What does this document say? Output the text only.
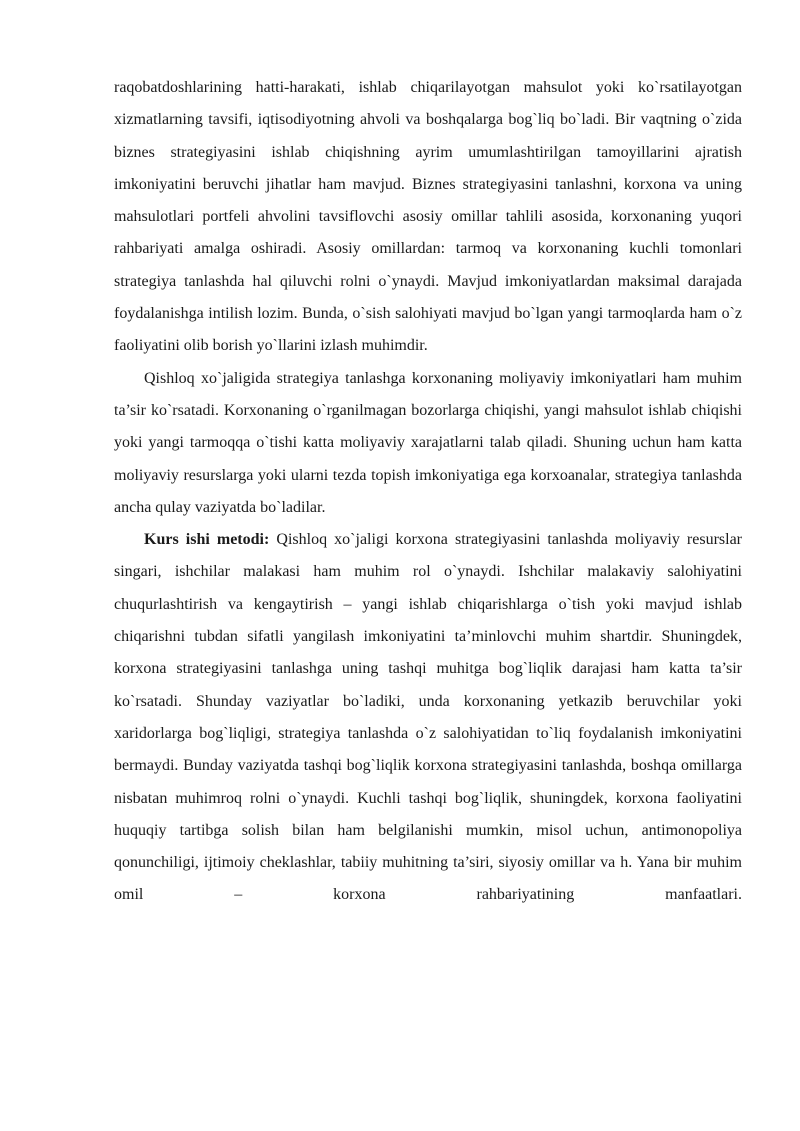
raqobatdoshlarining hatti-harakati, ishlab chiqarilayotgan mahsulot yoki ko`rsatilayotgan xizmatlarning tavsifi, iqtisodiyotning ahvoli va boshqalarga bog`liq bo`ladi. Bir vaqtning o`zida biznes strategiyasini ishlab chiqishning ayrim umumlashtirilgan tamoyillarini ajratish imkoniyatini beruvchi jihatlar ham mavjud. Biznes strategiyasini tanlashni, korxona va uning mahsulotlari portfeli ahvolini tavsiflovchi asosiy omillar tahlili asosida, korxonaning yuqori rahbariyati amalga oshiradi. Asosiy omillardan: tarmoq va korxonaning kuchli tomonlari strategiya tanlashda hal qiluvchi rolni o`ynaydi. Mavjud imkoniyatlardan maksimal darajada foydalanishga intilish lozim. Bunda, o`sish salohiyati mavjud bo`lgan yangi tarmoqlarda ham o`z faoliyatini olib borish yo`llarini izlash muhimdir.

Qishloq xo`jaligida strategiya tanlashga korxonaning moliyaviy imkoniyatlari ham muhim ta’sir ko`rsatadi. Korxonaning o`rganilmagan bozorlarga chiqishi, yangi mahsulot ishlab chiqishi yoki yangi tarmoqqa o`tishi katta moliyaviy xarajatlarni talab qiladi. Shuning uchun ham katta moliyaviy resurslarga yoki ularni tezda topish imkoniyatiga ega korxoanalar, strategiya tanlashda ancha qulay vaziyatda bo`ladilar.

Kurs ishi metodi: Qishloq xo`jaligi korxona strategiyasini tanlashda moliyaviy resurslar singari, ishchilar malakasi ham muhim rol o`ynaydi. Ishchilar malakaviy salohiyatini chuqurlashtirish va kengaytirish – yangi ishlab chiqarishlarga o`tish yoki mavjud ishlab chiqarishni tubdan sifatli yangilash imkoniyatini ta’minlovchi muhim shartdir. Shuningdek, korxona strategiyasini tanlashga uning tashqi muhitga bog`liqlik darajasi ham katta ta’sir ko`rsatadi. Shunday vaziyatlar bo`ladiki, unda korxonaning yetkazib beruvchilar yoki xaridorlarga bog`liqligi, strategiya tanlashda o`z salohiyatidan to`liq foydalanish imkoniyatini bermaydi. Bunday vaziyatda tashqi bog`liqlik korxona strategiyasini tanlashda, boshqa omillarga nisbatan muhimroq rolni o`ynaydi. Kuchli tashqi bog`liqlik, shuningdek, korxona faoliyatini huquqiy tartibga solish bilan ham belgilanishi mumkin, misol uchun, antimonopoliya qonunchiligi, ijtimoiy cheklashlar, tabiiy muhitning ta’siri, siyosiy omillar va h. Yana bir muhim omil – korxona rahbariyatining manfaatlari.
